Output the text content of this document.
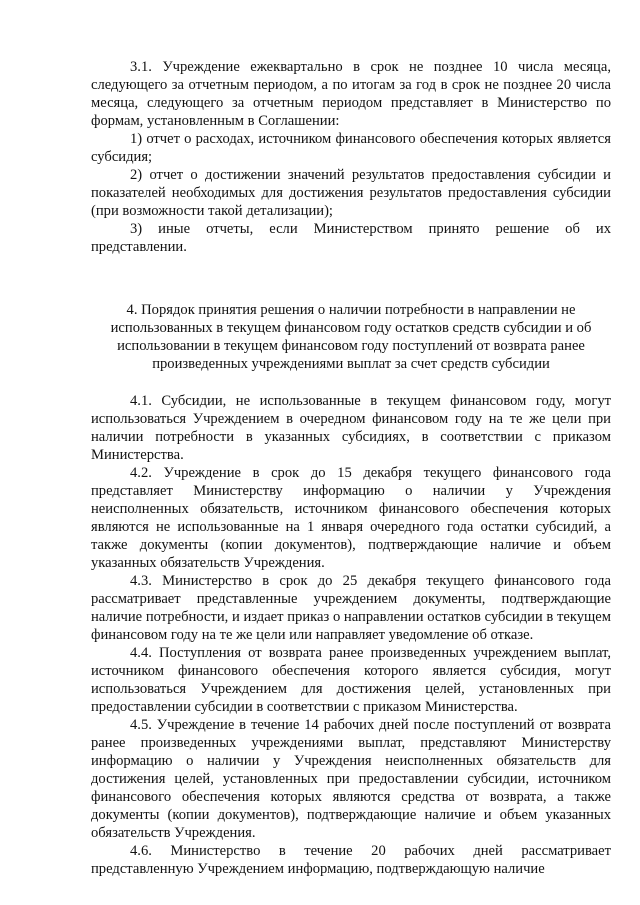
3.1. Учреждение ежеквартально в срок не позднее 10 числа месяца, следующего за отчетным периодом, а по итогам за год в срок не позднее 20 числа месяца, следующего за отчетным периодом представляет в Министерство по формам, установленным в Соглашении:

1) отчет о расходах, источником финансового обеспечения которых является субсидия;

2) отчет о достижении значений результатов предоставления субсидии и показателей необходимых для достижения результатов предоставления субсидии (при возможности такой детализации);

3) иные отчеты, если Министерством принято решение об их представлении.

4. Порядок принятия решения о наличии потребности в направлении не использованных в текущем финансовом году остатков средств субсидии и об использовании в текущем финансовом году поступлений от возврата ранее произведенных учреждениями выплат за счет средств субсидии

4.1. Субсидии, не использованные в текущем финансовом году, могут использоваться Учреждением в очередном финансовом году на те же цели при наличии потребности в указанных субсидиях, в соответствии с приказом Министерства.

4.2. Учреждение в срок до 15 декабря текущего финансового года представляет Министерству информацию о наличии у Учреждения неисполненных обязательств, источником финансового обеспечения которых являются не использованные на 1 января очередного года остатки субсидий, а также документы (копии документов), подтверждающие наличие и объем указанных обязательств Учреждения.

4.3. Министерство в срок до 25 декабря текущего финансового года рассматривает представленные учреждением документы, подтверждающие наличие потребности, и издает приказ о направлении остатков субсидии в текущем финансовом году на те же цели или направляет уведомление об отказе.

4.4. Поступления от возврата ранее произведенных учреждением выплат, источником финансового обеспечения которого является субсидия, могут использоваться Учреждением для достижения целей, установленных при предоставлении субсидии в соответствии с приказом Министерства.

4.5. Учреждение в течение 14 рабочих дней после поступлений от возврата ранее произведенных учреждениями выплат, представляют Министерству информацию о наличии у Учреждения неисполненных обязательств для достижения целей, установленных при предоставлении субсидии, источником финансового обеспечения которых являются средства от возврата, а также документы (копии документов), подтверждающие наличие и объем указанных обязательств Учреждения.

4.6. Министерство в течение 20 рабочих дней рассматривает представленную Учреждением информацию, подтверждающую наличие
